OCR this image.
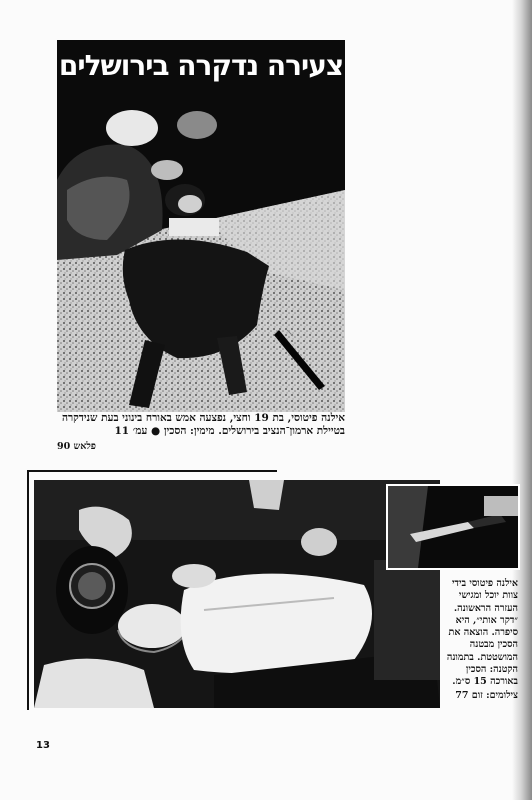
צעירה נדקרה בירושלים
אילנה פיטוסי, בת 19 וחצי, נפצעה אמש באורח בינוני בעת שנידקרה
בטיילת ארמון־הנציב בירושלים. מימין: הסכין ● עמ׳ 11
פלאש 90
אילנה פיטוסי בידי
צוות יוכל ומגישי
העזרה הראשונה.
״דקר אותי״, היא
סיפרה. הוצאה את
הסכין מבטנה
המושטטת. בתמונה
הקטנה: הסכין
באורכה 15 ס״מ.
צילומים: זום 77
13
